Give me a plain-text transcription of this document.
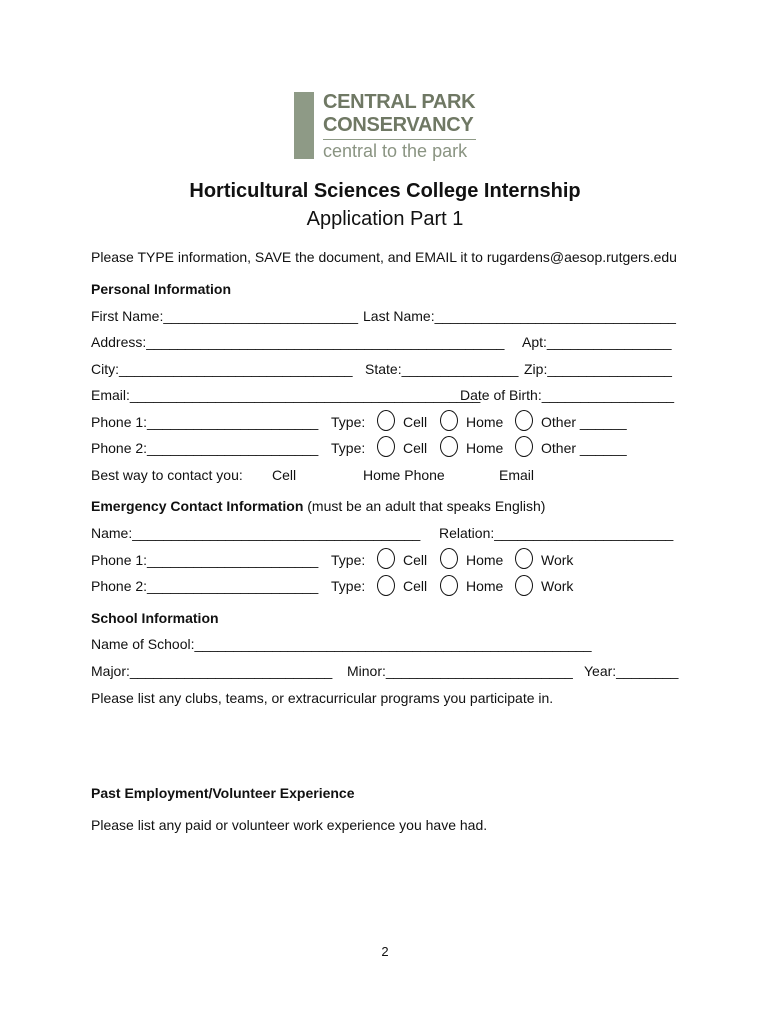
CENTRAL PARK
CONSERVANCY
central to the park
Horticultural Sciences College Internship
Application Part 1
Please TYPE information, SAVE the document, and EMAIL it to rugardens@aesop.rutgers.edu
Personal Information
First Name:_________________________ Last Name:_______________________________
Address:______________________________________________ Apt:________________
City:______________________________ State:_______________ Zip:________________
Email:_____________________________________________
Date of Birth:_________________
Phone 1:______________________ Type:	Cell	Home	Other ______
Phone 2:______________________ Type:	Cell	Home	Other ______
Best way to contact you: Cell	Home Phone	Email
Emergency Contact Information (must be an adult that speaks English)
Name:_____________________________________ Relation:_______________________
Phone 1:______________________ Type:	Cell	Home	Work
Phone 2:______________________ Type:	Cell	Home	Work
School Information
Name of School:___________________________________________________
Major:__________________________ Minor:________________________ Year:________
Please list any clubs, teams, or extracurricular programs you participate in.
Past Employment/Volunteer Experience
Please list any paid or volunteer work experience you have had.
2
